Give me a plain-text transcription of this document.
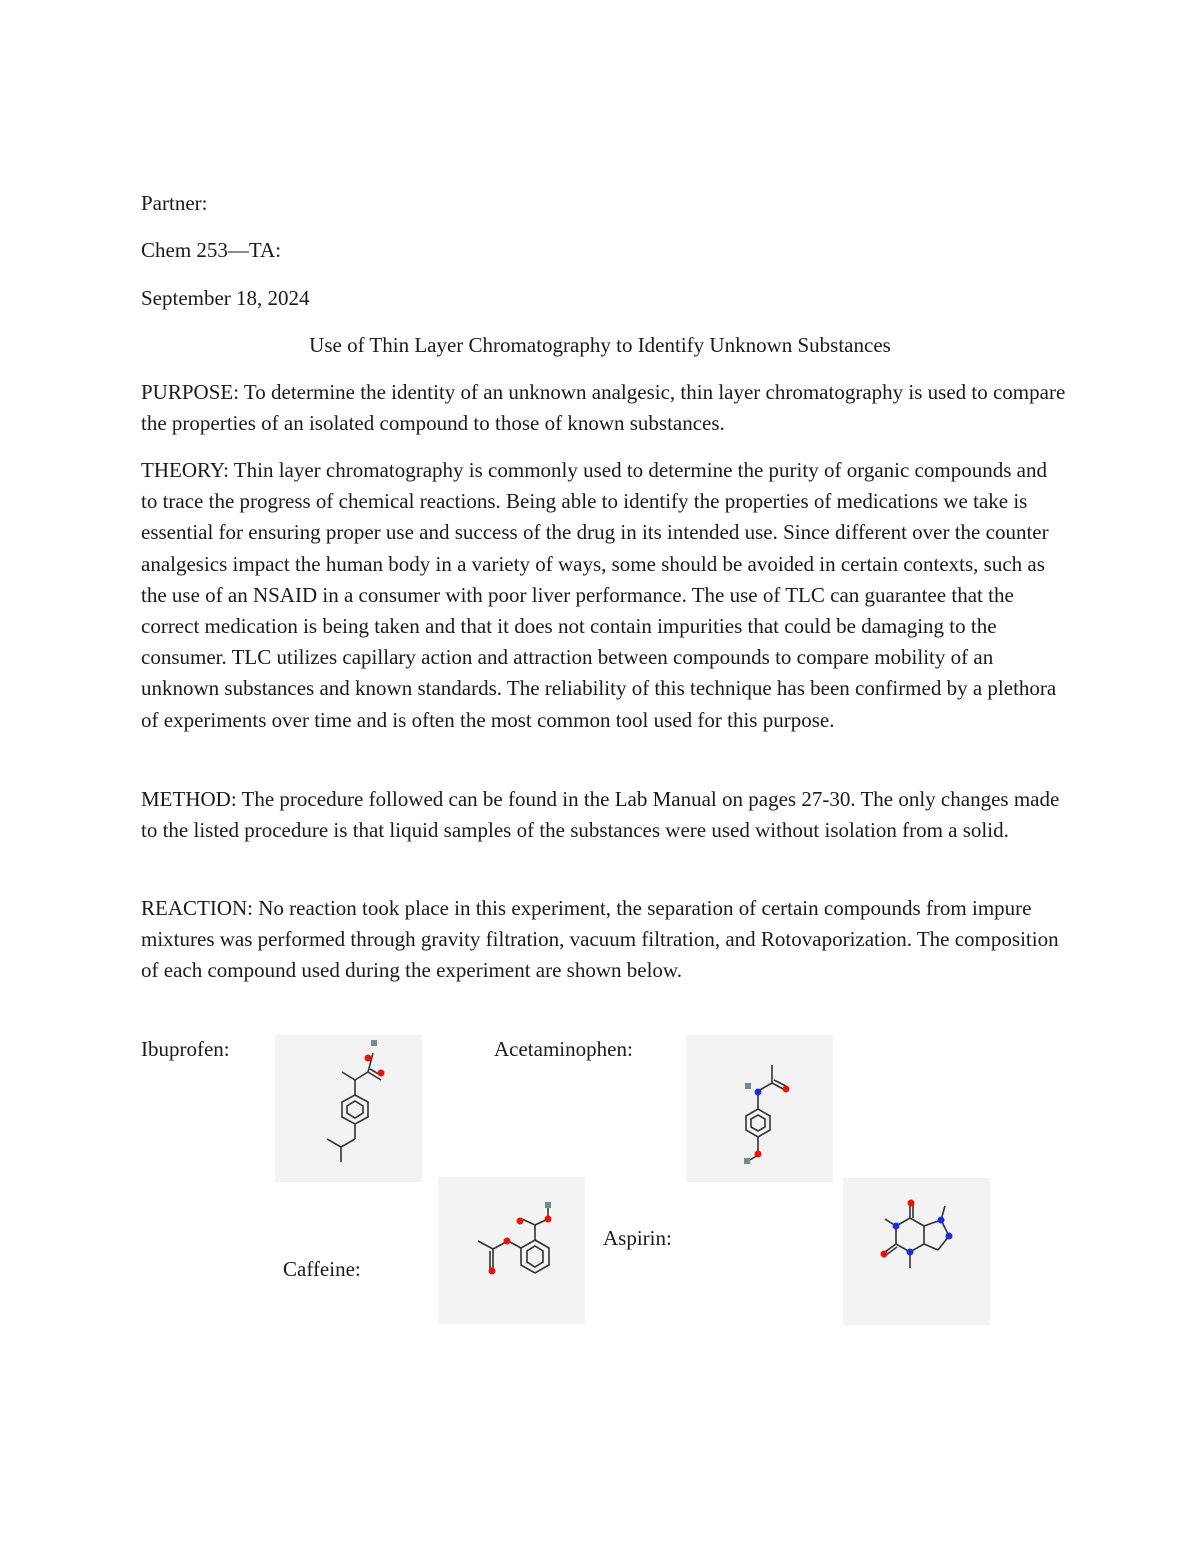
Partner:
Chem 253—TA:
September 18, 2024
Use of Thin Layer Chromatography to Identify Unknown Substances
PURPOSE: To determine the identity of an unknown analgesic, thin layer chromatography is used to compare the properties of an isolated compound to those of known substances.
THEORY: Thin layer chromatography is commonly used to determine the purity of organic compounds and to trace the progress of chemical reactions. Being able to identify the properties of medications we take is essential for ensuring proper use and success of the drug in its intended use. Since different over the counter analgesics impact the human body in a variety of ways, some should be avoided in certain contexts, such as the use of an NSAID in a consumer with poor liver performance. The use of TLC can guarantee that the correct medication is being taken and that it does not contain impurities that could be damaging to the consumer. TLC utilizes capillary action and attraction between compounds to compare mobility of an unknown substances and known standards. The reliability of this technique has been confirmed by a plethora of experiments over time and is often the most common tool used for this purpose.
METHOD: The procedure followed can be found in the Lab Manual on pages 27-30. The only changes made to the listed procedure is that liquid samples of the substances were used without isolation from a solid.
REACTION: No reaction took place in this experiment, the separation of certain compounds from impure mixtures was performed through gravity filtration, vacuum filtration, and Rotovaporization. The composition of each compound used during the experiment are shown below.
Ibuprofen:	Acetaminophen:
Caffeine:
Aspirin:
